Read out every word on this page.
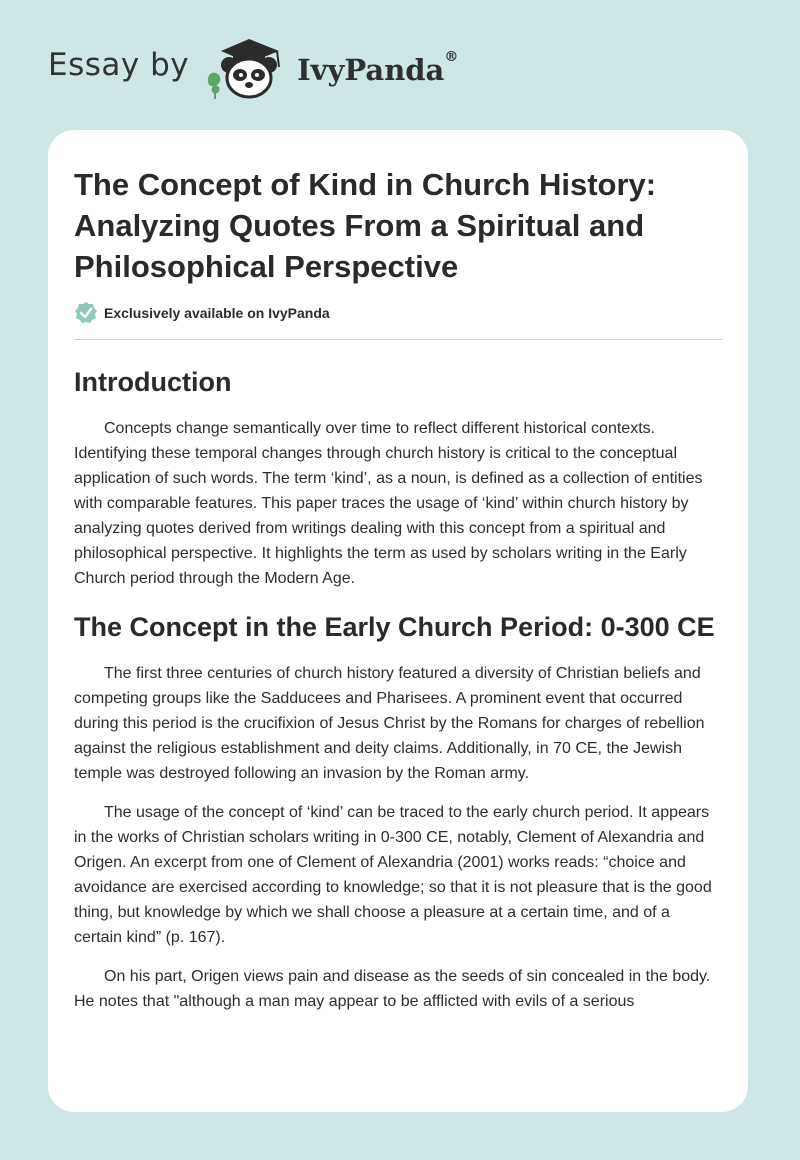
Essay by	IvyPanda®
The Concept of Kind in Church History: Analyzing Quotes From a Spiritual and Philosophical Perspective
Exclusively available on IvyPanda
Introduction

Concepts change semantically over time to reflect different historical contexts. Identifying these temporal changes through church history is critical to the conceptual application of such words. The term ‘kind’, as a noun, is defined as a collection of entities with comparable features. This paper traces the usage of ‘kind’ within church history by analyzing quotes derived from writings dealing with this concept from a spiritual and philosophical perspective. It highlights the term as used by scholars writing in the Early Church period through the Modern Age.

The Concept in the Early Church Period: 0-300 CE

The first three centuries of church history featured a diversity of Christian beliefs and competing groups like the Sadducees and Pharisees. A prominent event that occurred during this period is the crucifixion of Jesus Christ by the Romans for charges of rebellion against the religious establishment and deity claims. Additionally, in 70 CE, the Jewish temple was destroyed following an invasion by the Roman army.

The usage of the concept of ‘kind’ can be traced to the early church period. It appears in the works of Christian scholars writing in 0-300 CE, notably, Clement of Alexandria and Origen. An excerpt from one of Clement of Alexandria (2001) works reads: “choice and avoidance are exercised according to knowledge; so that it is not pleasure that is the good thing, but knowledge by which we shall choose a pleasure at a certain time, and of a certain kind” (p. 167).

On his part, Origen views pain and disease as the seeds of sin concealed in the body. He notes that "although a man may appear to be afflicted with evils of a serious
